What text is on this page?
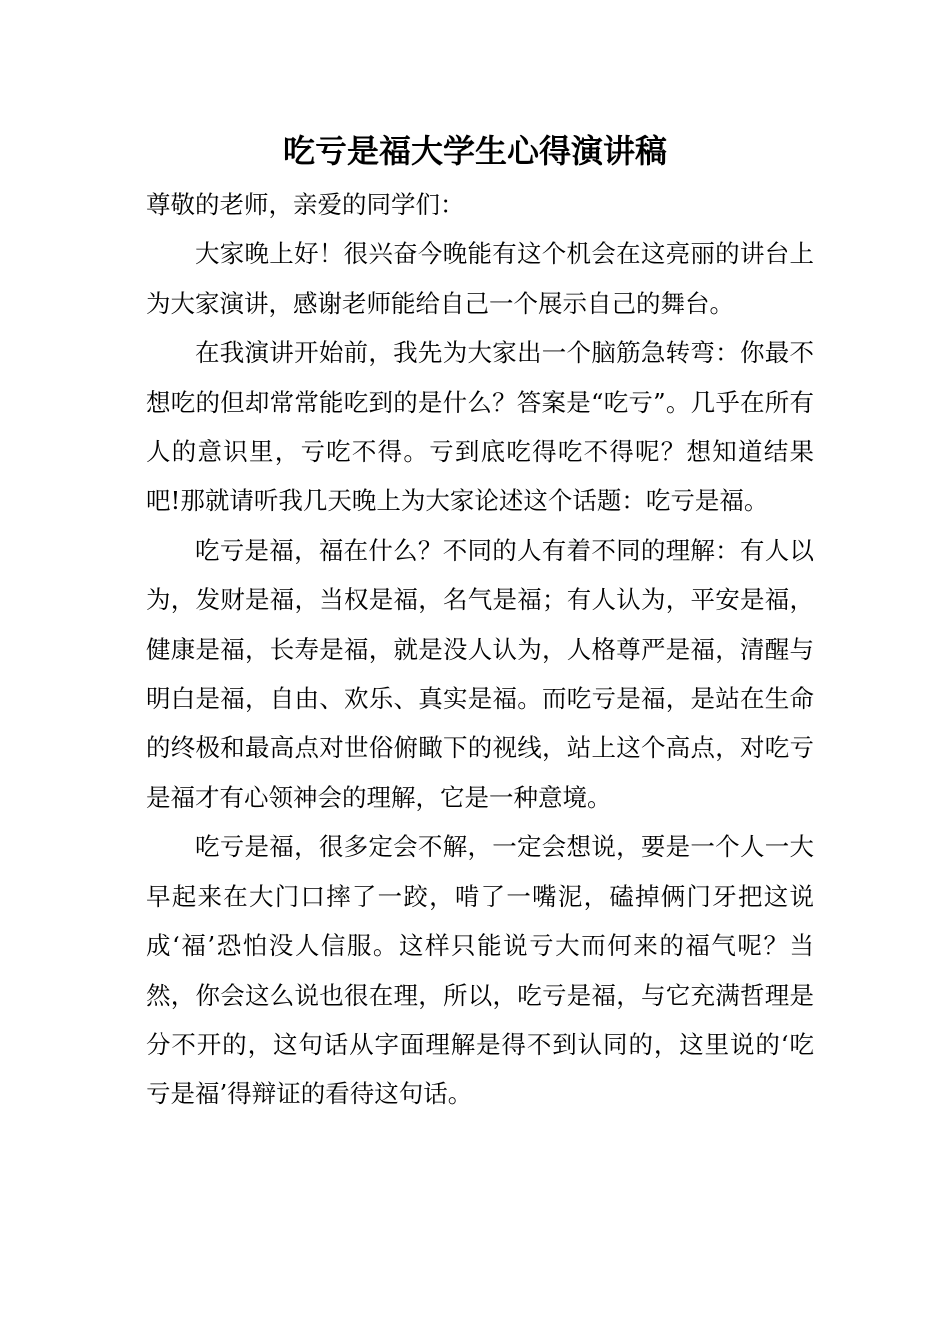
吃亏是福大学生心得演讲稿

尊敬的老师，亲爱的同学们：

大家晚上好！很兴奋今晚能有这个机会在这亮丽的讲台上为大家演讲，感谢老师能给自己一个展示自己的舞台。

在我演讲开始前，我先为大家出一个脑筋急转弯：你最不想吃的但却常常能吃到的是什么？答案是“吃亏”。几乎在所有人的意识里，亏吃不得。亏到底吃得吃不得呢？想知道结果吧!那就请听我几天晚上为大家论述这个话题：吃亏是福。

吃亏是福，福在什么？不同的人有着不同的理解：有人以为，发财是福，当权是福，名气是福；有人认为，平安是福，健康是福，长寿是福，就是没人认为，人格尊严是福，清醒与明白是福，自由、欢乐、真实是福。而吃亏是福，是站在生命的终极和最高点对世俗俯瞰下的视线，站上这个高点，对吃亏是福才有心领神会的理解，它是一种意境。

吃亏是福，很多定会不解，一定会想说，要是一个人一大早起来在大门口摔了一跤，啃了一嘴泥，磕掉俩门牙把这说成‘福’恐怕没人信服。这样只能说亏大而何来的福气呢？当然，你会这么说也很在理，所以，吃亏是福，与它充满哲理是分不开的，这句话从字面理解是得不到认同的，这里说的‘吃亏是福’得辩证的看待这句话。
